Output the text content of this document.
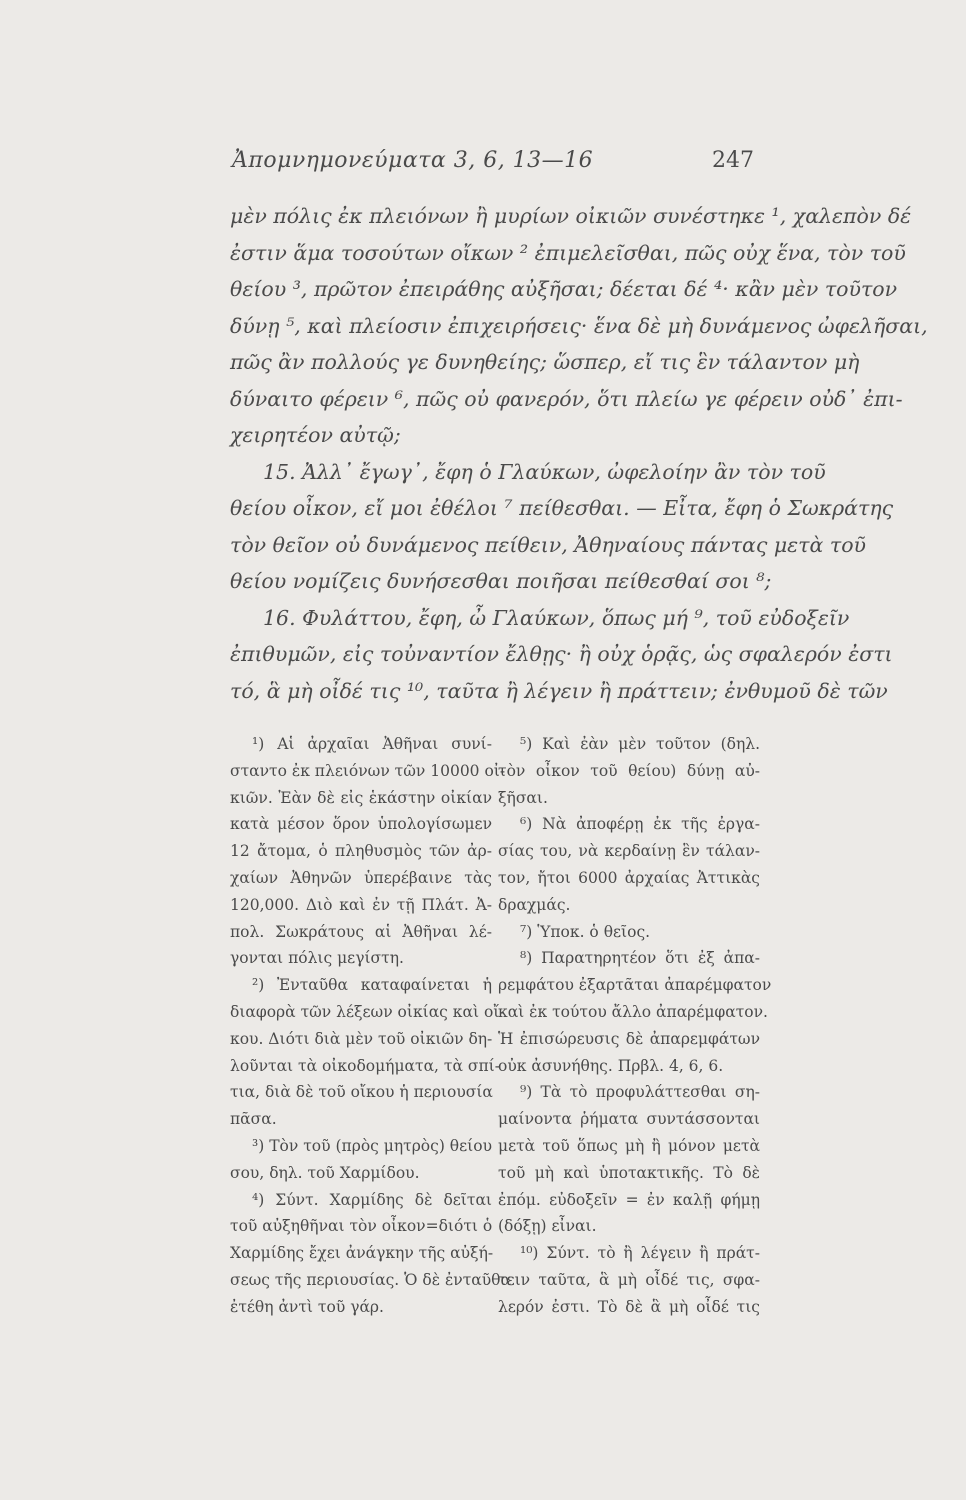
Ἀπομνημονεύματα 3, 6, 13—16	247
μὲν πόλις ἐκ πλειόνων ἢ μυρίων οἰκιῶν συνέστηκε ¹, χαλεπὸν δέ
ἐστιν ἅμα τοσούτων οἴκων ² ἐπιμελεῖσθαι, πῶς οὐχ ἕνα, τὸν τοῦ
θείου ³, πρῶτον ἐπειράθης αὐξῆσαι; δέεται δέ ⁴· κἂν μὲν τοῦτον
δύνῃ ⁵, καὶ πλείοσιν ἐπιχειρήσεις· ἕνα δὲ μὴ δυνάμενος ὠφελῆσαι,
πῶς ἂν πολλούς γε δυνηθείης; ὥσπερ, εἴ τις ἓν τάλαντον μὴ
δύναιτο φέρειν ⁶, πῶς οὐ φανερόν, ὅτι πλείω γε φέρειν οὐδ᾽ ἐπι-
χειρητέον αὐτῷ;
15. Ἀλλ᾽ ἔγωγ᾽, ἔφη ὁ Γλαύκων, ὠφελοίην ἂν τὸν τοῦ
θείου οἶκον, εἴ μοι ἐθέλοι ⁷ πείθεσθαι. — Εἶτα, ἔφη ὁ Σωκράτης
τὸν θεῖον οὐ δυνάμενος πείθειν, Ἀθηναίους πάντας μετὰ τοῦ
θείου νομίζεις δυνήσεσθαι ποιῆσαι πείθεσθαί σοι ⁸;
16. Φυλάττου, ἔφη, ὦ Γλαύκων, ὅπως μή ⁹, τοῦ εὐδοξεῖν
ἐπιθυμῶν, εἰς τοὐναντίον ἔλθῃς· ἢ οὐχ ὁρᾷς, ὡς σφαλερόν ἐστι
τό, ἃ μὴ οἶδέ τις ¹⁰, ταῦτα ἢ λέγειν ἢ πράττειν; ἐνθυμοῦ δὲ τῶν
¹) Αἱ ἀρχαῖαι Ἀθῆναι συνί-
σταντο ἐκ πλειόνων τῶν 10000 οἰ-
κιῶν. Ἐὰν δὲ εἰς ἑκάστην οἰκίαν
κατὰ μέσον ὅρον ὑπολογίσωμεν
12 ἄτομα, ὁ πληθυσμὸς τῶν ἀρ-
χαίων Ἀθηνῶν ὑπερέβαινε τὰς
120,000. Διὸ καὶ ἐν τῇ Πλάτ. Ἀ-
πολ. Σωκράτους αἱ Ἀθῆναι λέ-
γονται πόλις μεγίστη.
²) Ἐνταῦθα καταφαίνεται ἡ
διαφορὰ τῶν λέξεων οἰκίας καὶ οἴ-
κου. Διότι διὰ μὲν τοῦ οἰκιῶν δη-
λοῦνται τὰ οἰκοδομήματα, τὰ σπί-
τια, διὰ δὲ τοῦ οἴκου ἡ περιουσία
πᾶσα.
³) Τὸν τοῦ (πρὸς μητρὸς) θείου
σου, δηλ. τοῦ Χαρμίδου.
⁴) Σύντ. Χαρμίδης δὲ δεῖται
τοῦ αὐξηθῆναι τὸν οἶκον=διότι ὁ
Χαρμίδης ἔχει ἀνάγκην τῆς αὐξή-
σεως τῆς περιουσίας. Ὁ δὲ ἐνταῦθα
ἐτέθη ἀντὶ τοῦ γάρ.
⁵) Καὶ ἐὰν μὲν τοῦτον (δηλ.
τὸν οἶκον τοῦ θείου) δύνῃ αὐ-
ξῆσαι.
⁶) Νὰ ἀποφέρῃ ἐκ τῆς ἐργα-
σίας του, νὰ κερδαίνῃ ἓν τάλαν-
τον, ἤτοι 6000 ἀρχαίας Ἀττικὰς
δραχμάς.
⁷) Ὑποκ. ὁ θεῖος.
⁸) Παρατηρητέον ὅτι ἐξ ἀπα-
ρεμφάτου ἐξαρτᾶται ἀπαρέμφατον
καὶ ἐκ τούτου ἄλλο ἀπαρέμφατον.
Ἡ ἐπισώρευσις δὲ ἀπαρεμφάτων
οὐκ ἀσυνήθης. Πρβλ. 4, 6, 6.
⁹) Τὰ τὸ προφυλάττεσθαι ση-
μαίνοντα ῥήματα συντάσσονται
μετὰ τοῦ ὅπως μὴ ἢ μόνον μετὰ
τοῦ μὴ καὶ ὑποτακτικῆς. Τὸ δὲ
ἐπόμ. εὐδοξεῖν = ἐν καλῇ φήμῃ
(δόξῃ) εἶναι.
¹⁰) Σύντ. τὸ ἢ λέγειν ἢ πράτ-
τειν ταῦτα, ἃ μὴ οἶδέ τις, σφα-
λερόν ἐστι. Τὸ δὲ ἃ μὴ οἶδέ τις
